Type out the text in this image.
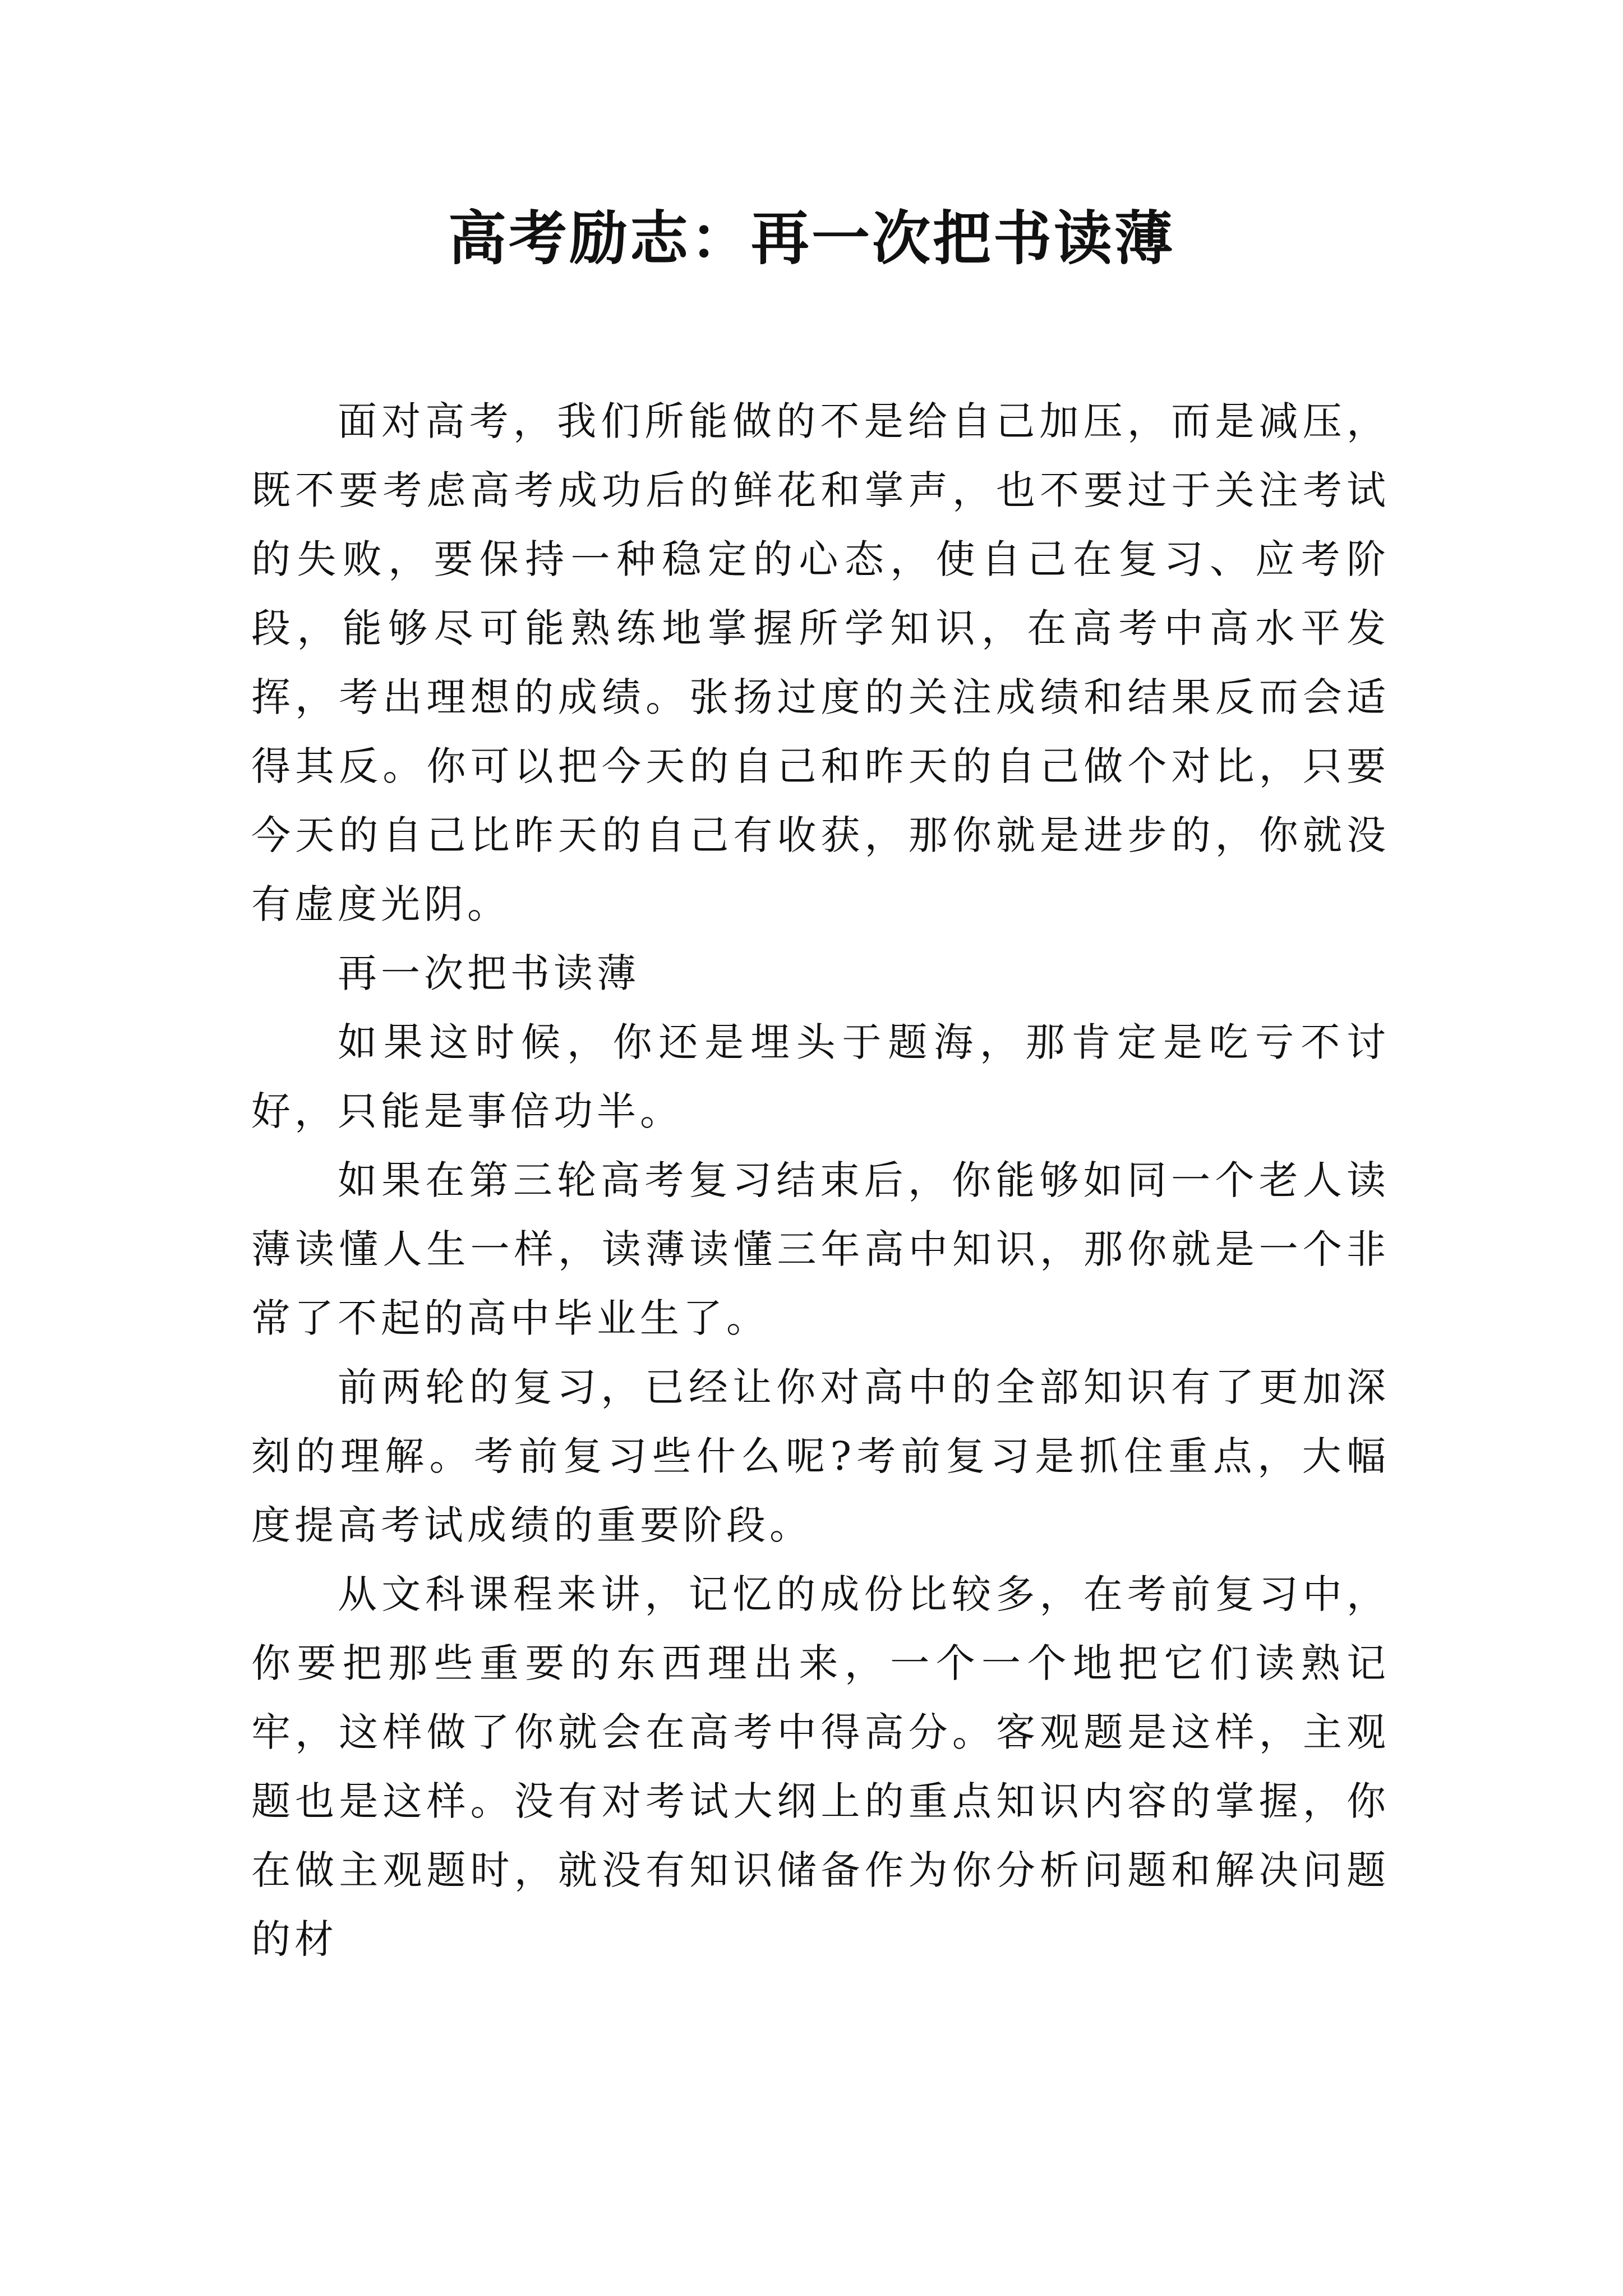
高考励志：再一次把书读薄

面对高考，我们所能做的不是给自己加压，而是减压，既不要考虑高考成功后的鲜花和掌声，也不要过于关注考试的失败，要保持一种稳定的心态，使自己在复习、应考阶段，能够尽可能熟练地掌握所学知识，在高考中高水平发挥，考出理想的成绩。张扬过度的关注成绩和结果反而会适得其反。你可以把今天的自己和昨天的自己做个对比，只要今天的自己比昨天的自己有收获，那你就是进步的，你就没有虚度光阴。

再一次把书读薄

如果这时候，你还是埋头于题海，那肯定是吃亏不讨好，只能是事倍功半。

如果在第三轮高考复习结束后，你能够如同一个老人读薄读懂人生一样，读薄读懂三年高中知识，那你就是一个非常了不起的高中毕业生了。

前两轮的复习，已经让你对高中的全部知识有了更加深刻的理解。考前复习些什么呢?考前复习是抓住重点，大幅度提高考试成绩的重要阶段。

从文科课程来讲，记忆的成份比较多，在考前复习中，你要把那些重要的东西理出来，一个一个地把它们读熟记牢，这样做了你就会在高考中得高分。客观题是这样，主观题也是这样。没有对考试大纲上的重点知识内容的掌握，你在做主观题时，就没有知识储备作为你分析问题和解决问题的材
